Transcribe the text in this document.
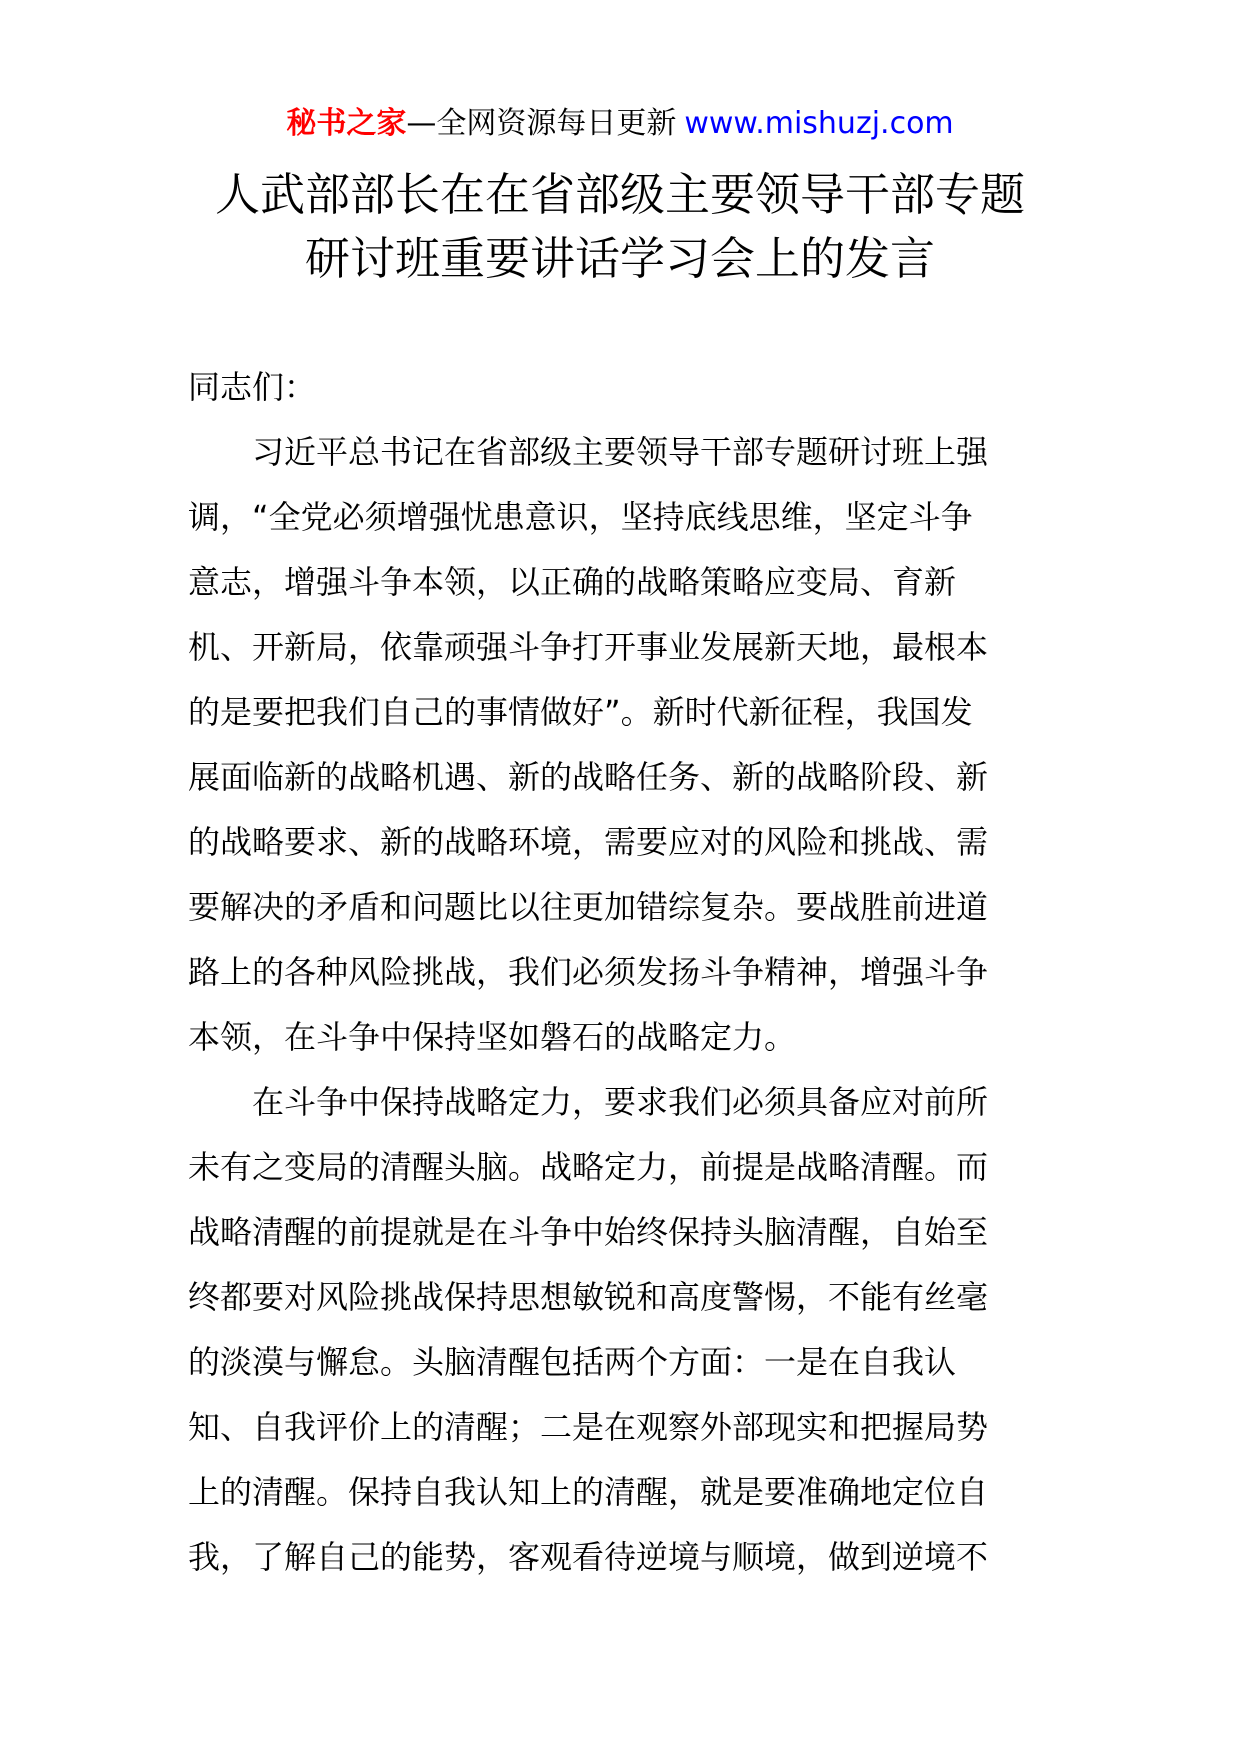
秘书之家—全网资源每日更新 www.mishuzj.com
人武部部长在在省部级主要领导干部专题
研讨班重要讲话学习会上的发言
同志们：
习近平总书记在省部级主要领导干部专题研讨班上强
调，“全党必须增强忧患意识，坚持底线思维，坚定斗争
意志，增强斗争本领，以正确的战略策略应变局、育新
机、开新局，依靠顽强斗争打开事业发展新天地，最根本
的是要把我们自己的事情做好”。新时代新征程，我国发
展面临新的战略机遇、新的战略任务、新的战略阶段、新
的战略要求、新的战略环境，需要应对的风险和挑战、需
要解决的矛盾和问题比以往更加错综复杂。要战胜前进道
路上的各种风险挑战，我们必须发扬斗争精神，增强斗争
本领，在斗争中保持坚如磐石的战略定力。
在斗争中保持战略定力，要求我们必须具备应对前所
未有之变局的清醒头脑。战略定力，前提是战略清醒。而
战略清醒的前提就是在斗争中始终保持头脑清醒，自始至
终都要对风险挑战保持思想敏锐和高度警惕，不能有丝毫
的淡漠与懈怠。头脑清醒包括两个方面：一是在自我认
知、自我评价上的清醒；二是在观察外部现实和把握局势
上的清醒。保持自我认知上的清醒，就是要准确地定位自
我，了解自己的能势，客观看待逆境与顺境，做到逆境不
